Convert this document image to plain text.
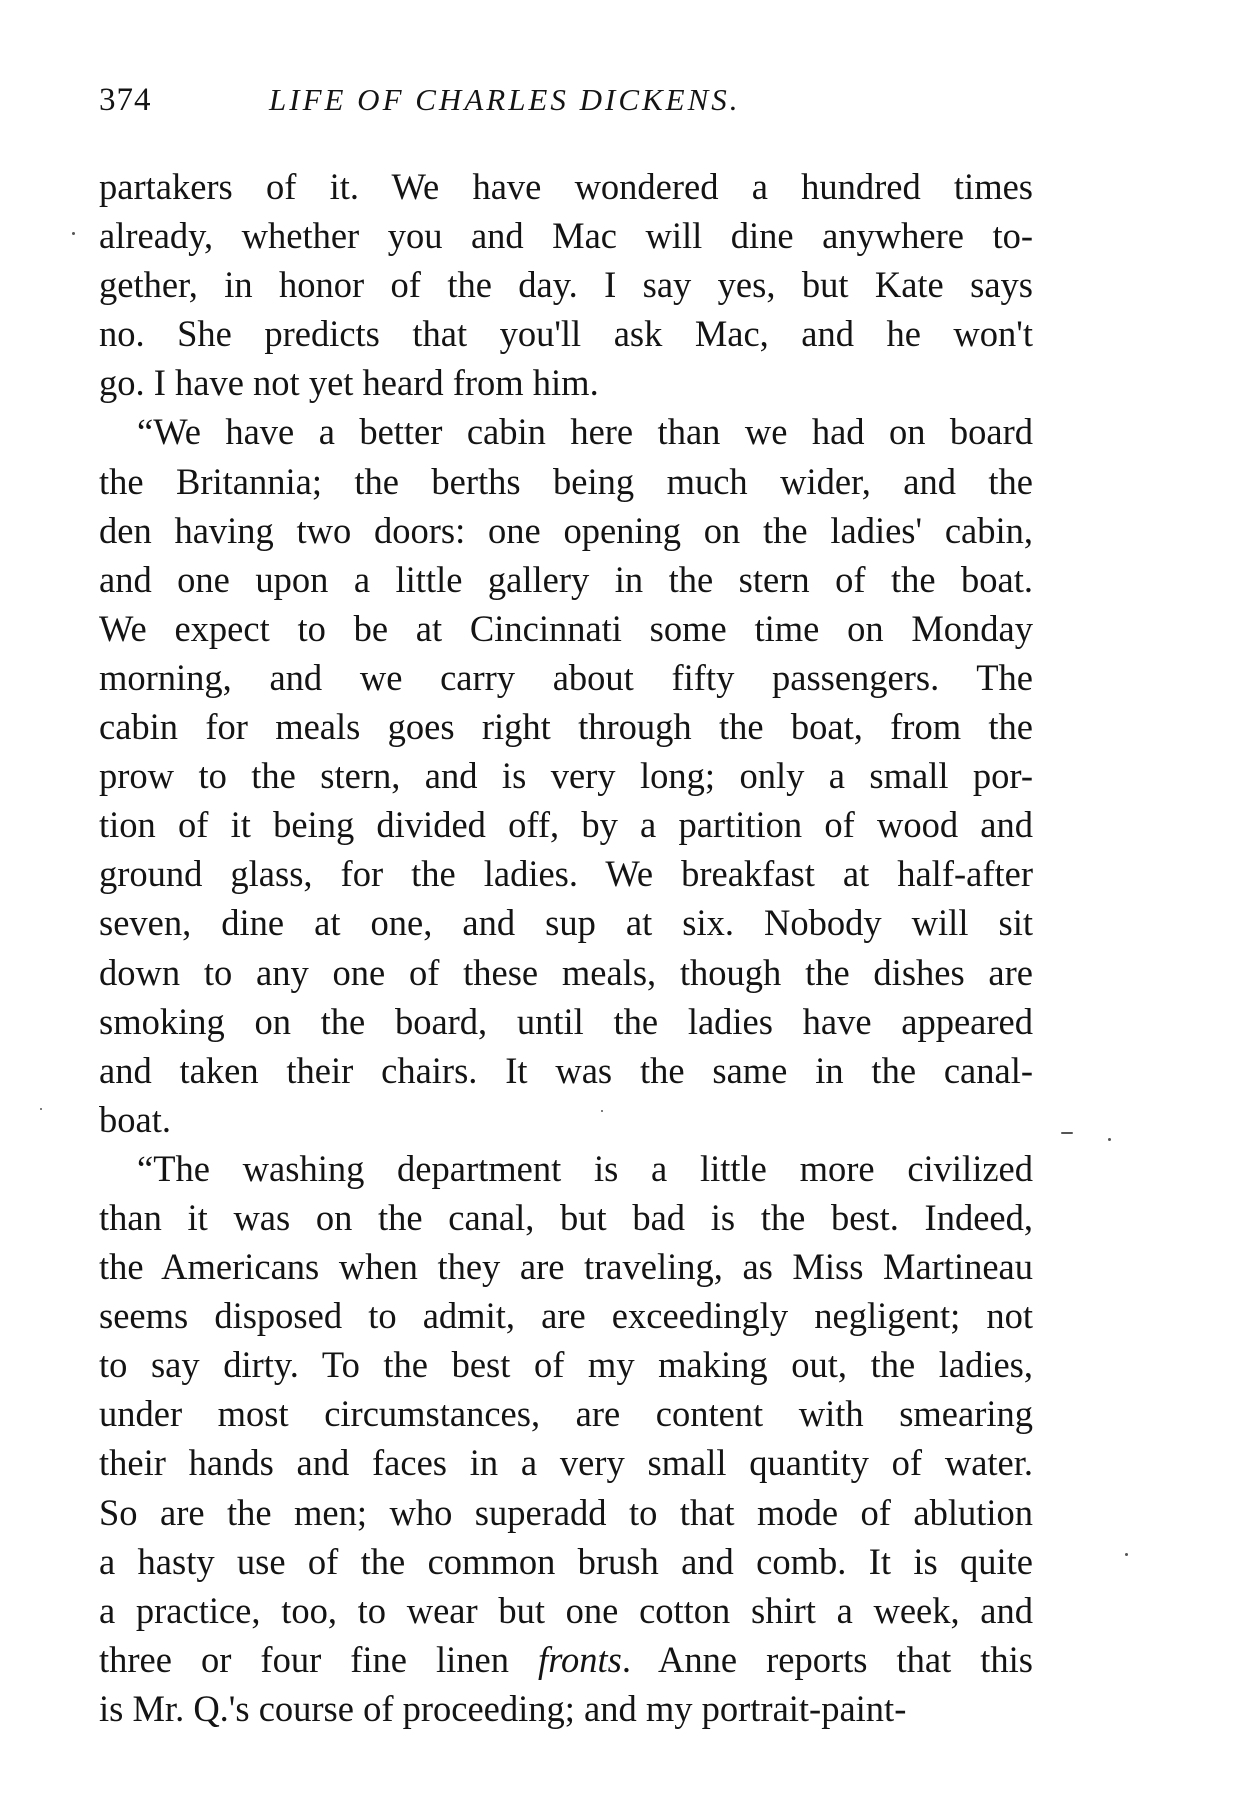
374	LIFE OF CHARLES DICKENS.
partakers of it. We have wondered a hundred times
already, whether you and Mac will dine anywhere to-
gether, in honor of the day. I say yes, but Kate says
no. She predicts that you'll ask Mac, and he won't
go. I have not yet heard from him.
“We have a better cabin here than we had on board
the Britannia; the berths being much wider, and the
den having two doors: one opening on the ladies' cabin,
and one upon a little gallery in the stern of the boat.
We expect to be at Cincinnati some time on Monday
morning, and we carry about fifty passengers. The
cabin for meals goes right through the boat, from the
prow to the stern, and is very long; only a small por-
tion of it being divided off, by a partition of wood and
ground glass, for the ladies. We breakfast at half-after
seven, dine at one, and sup at six. Nobody will sit
down to any one of these meals, though the dishes are
smoking on the board, until the ladies have appeared
and taken their chairs. It was the same in the canal-
boat.
“The washing department is a little more civilized
than it was on the canal, but bad is the best. Indeed,
the Americans when they are traveling, as Miss Martineau
seems disposed to admit, are exceedingly negligent; not
to say dirty. To the best of my making out, the ladies,
under most circumstances, are content with smearing
their hands and faces in a very small quantity of water.
So are the men; who superadd to that mode of ablution
a hasty use of the common brush and comb. It is quite
a practice, too, to wear but one cotton shirt a week, and
three or four fine linen fronts. Anne reports that this
is Mr. Q.'s course of proceeding; and my portrait-paint-
